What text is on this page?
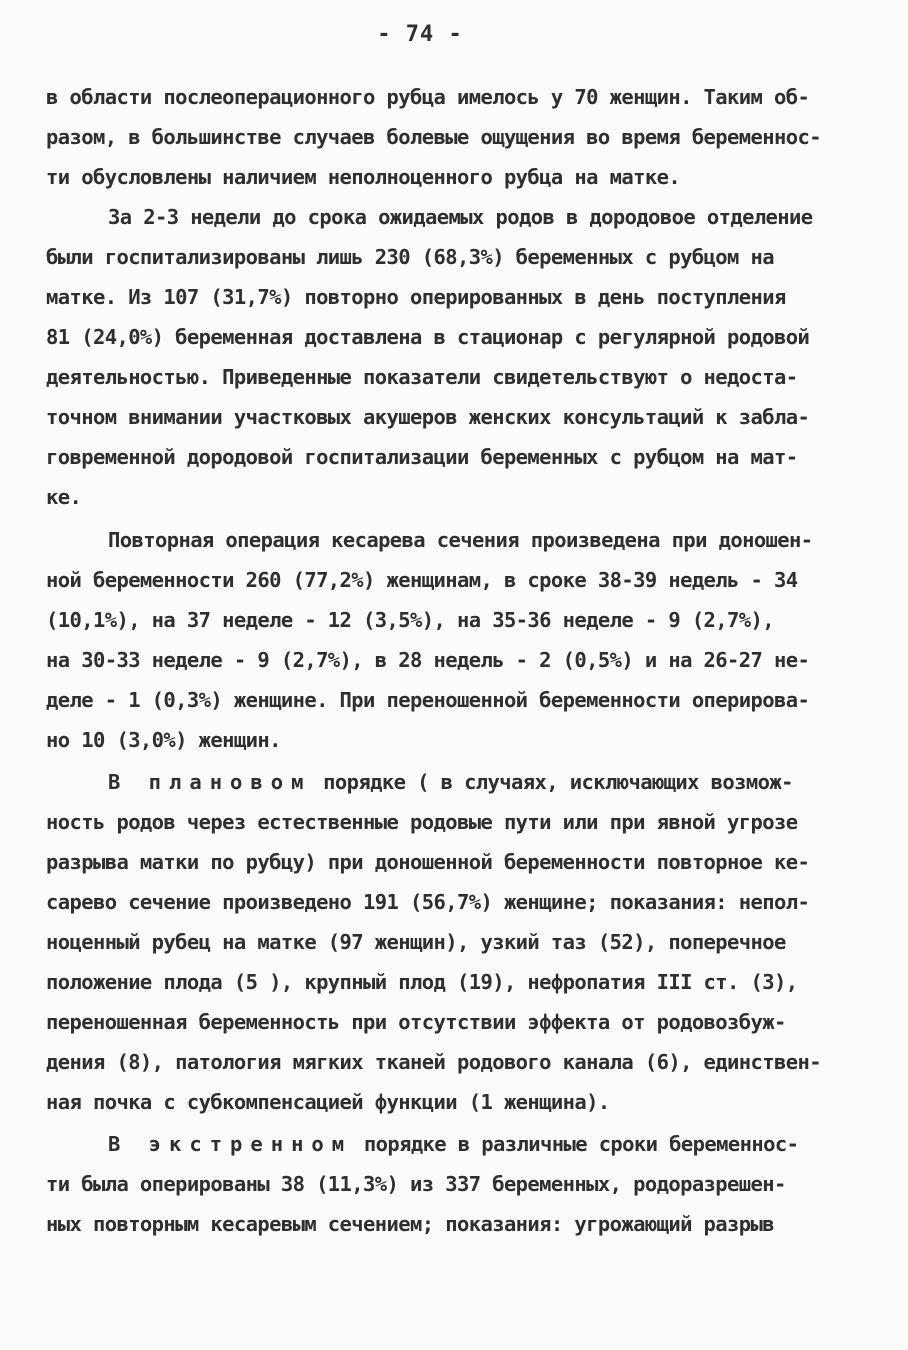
- 74 -
в области послеоперационного рубца имелось у 70 женщин. Таким об-
разом, в большинстве случаев болевые ощущения во время беременнос-
ти обусловлены наличием неполноценного рубца на матке.
За 2-3 недели до срока ожидаемых родов в дородовое отделение
были госпитализированы лишь 230 (68,3%) беременных с рубцом на
матке. Из 107 (31,7%) повторно оперированных в день поступления
81 (24,0%) беременная доставлена в стационар с регулярной родовой
деятельностью. Приведенные показатели свидетельствуют о недоста-
точном внимании участковых акушеров женских консультаций к забла-
говременной дородовой госпитализации беременных с рубцом на мат-
ке.
Повторная операция кесарева сечения произведена при доношен-
ной беременности 260 (77,2%) женщинам, в сроке 38-39 недель - 34
(10,1%), на 37 неделе - 12 (3,5%), на 35-36 неделе - 9 (2,7%),
на 30-33 неделе - 9 (2,7%), в 28 недель - 2 (0,5%) и на 26-27 не-
деле - 1 (0,3%) женщине. При переношенной беременности оперирова-
но 10 (3,0%) женщин.
В плановом порядке ( в случаях, исключающих возмож-
ность родов через естественные родовые пути или при явной угрозе
разрыва матки по рубцу) при доношенной беременности повторное ке-
сарево сечение произведено 191 (56,7%) женщине; показания: непол-
ноценный рубец на матке (97 женщин), узкий таз (52), поперечное
положение плода (5 ), крупный плод (19), нефропатия III ст. (3),
переношенная беременность при отсутствии эффекта от родовозбуж-
дения (8), патология мягких тканей родового канала (6), единствен-
ная почка с субкомпенсацией функции (1 женщина).
В экстренном порядке в различные сроки беременнос-
ти была оперированы 38 (11,3%) из 337 беременных, родоразрешен-
ных повторным кесаревым сечением; показания: угрожающий разрыв
